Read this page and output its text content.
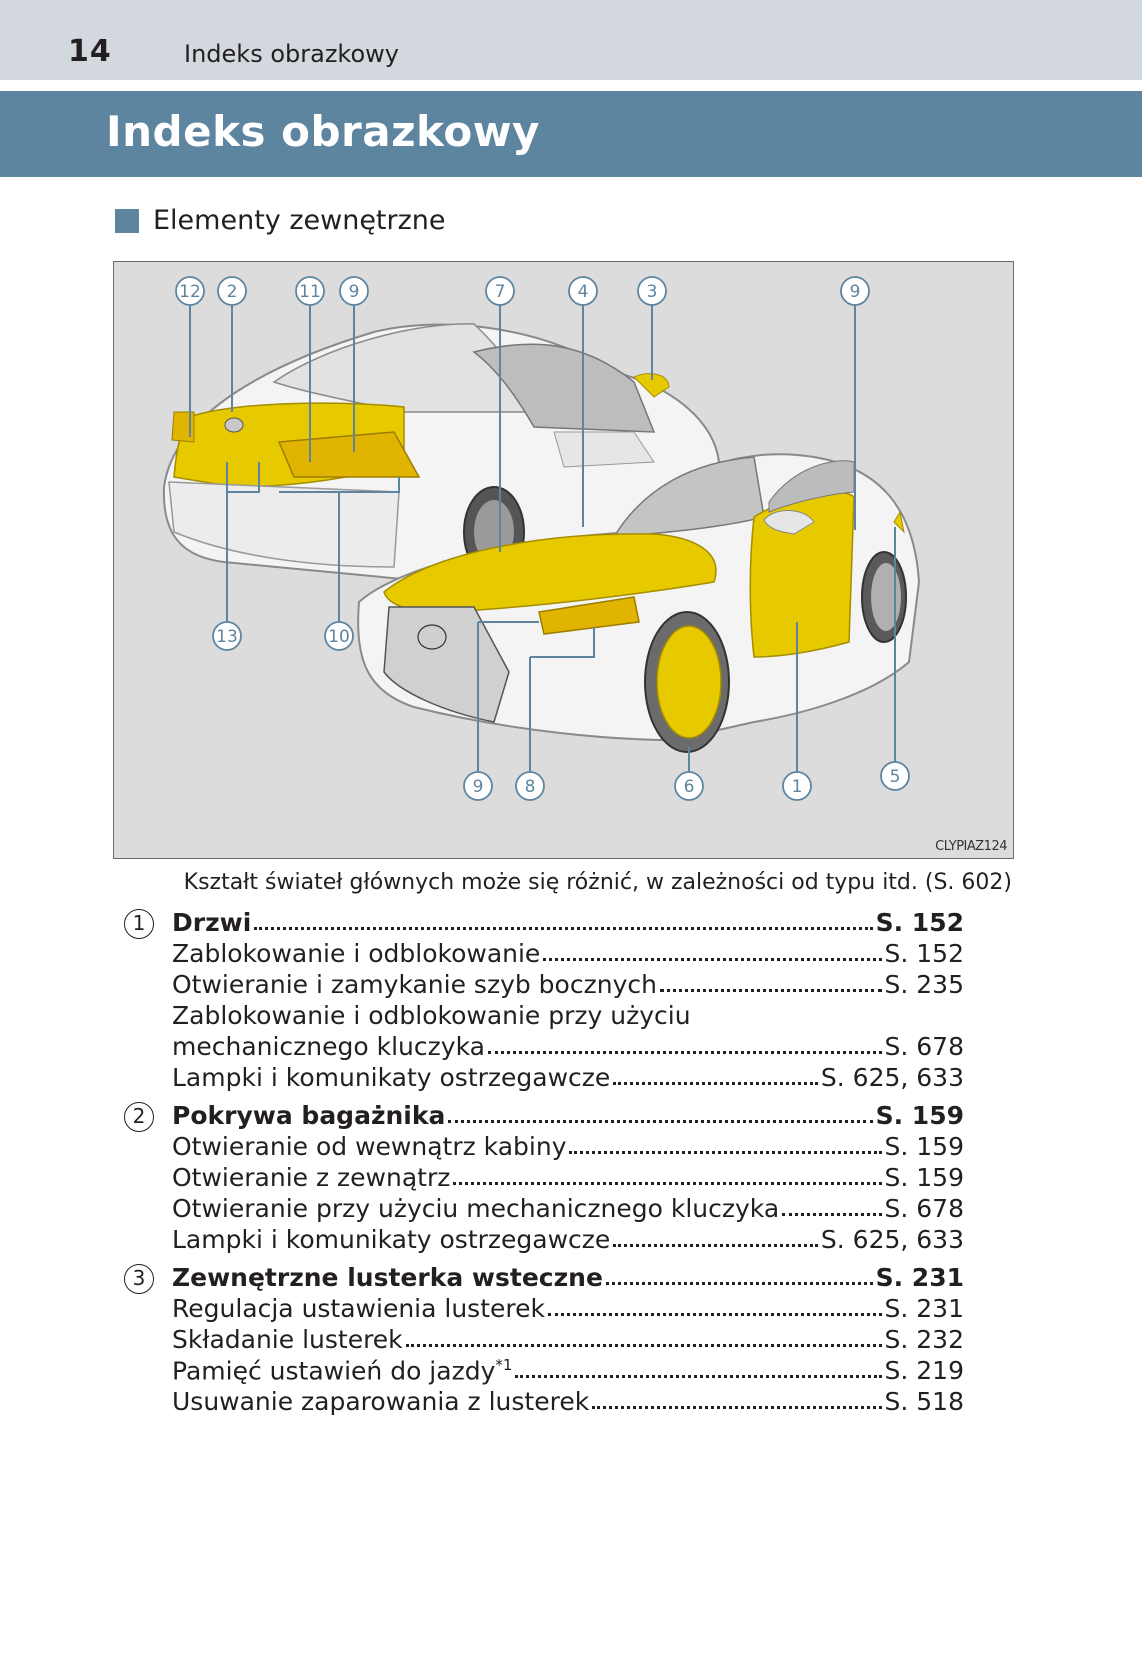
14	Indeks obrazkowy
Indeks obrazkowy
Elementy zewnętrzne
12 2	11 9	7	4	3	9
13	10
9 8	6	1	5
CLYPIAZ124
Kształt świateł głównych może się różnić, w zależności od typu itd. (S. 602)
1	Drzwi	S. 152
Zablokowanie i odblokowanie	S. 152
Otwieranie i zamykanie szyb bocznych	S. 235
Zablokowanie i odblokowanie przy użyciu
mechanicznego kluczyka	S. 678
Lampki i komunikaty ostrzegawcze	S. 625, 633
2	Pokrywa bagażnika	S. 159
Otwieranie od wewnątrz kabiny	S. 159
Otwieranie z zewnątrz	S. 159
Otwieranie przy użyciu mechanicznego kluczyka	S. 678
Lampki i komunikaty ostrzegawcze	S. 625, 633
3	Zewnętrzne lusterka wsteczne	S. 231
Regulacja ustawienia lusterek	S. 231
Składanie lusterek	S. 232
Pamięć ustawień do jazdy$^{*1}$	S. 219
Usuwanie zaparowania z lusterek	S. 518
